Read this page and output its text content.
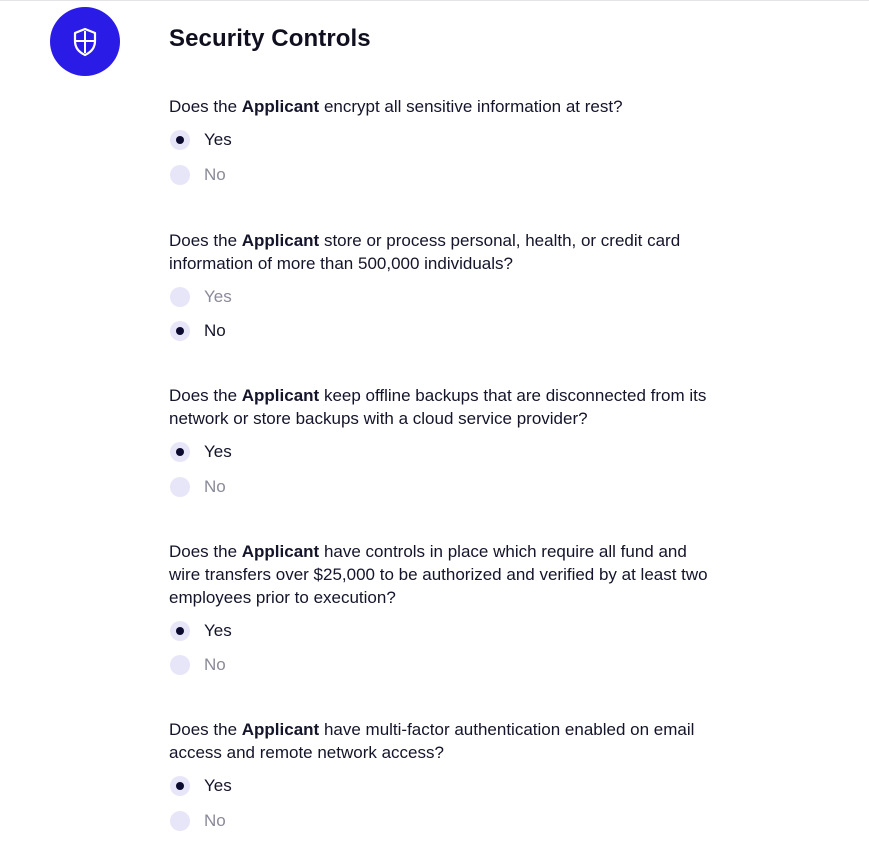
Security Controls

Does the Applicant encrypt all sensitive information at rest?

Yes
No

Does the Applicant store or process personal, health, or credit card information of more than 500,000 individuals?

Yes
No

Does the Applicant keep offline backups that are disconnected from its network or store backups with a cloud service provider?

Yes
No

Does the Applicant have controls in place which require all fund and wire transfers over $25,000 to be authorized and verified by at least two employees prior to execution?

Yes
No

Does the Applicant have multi-factor authentication enabled on email access and remote network access?

Yes
No
